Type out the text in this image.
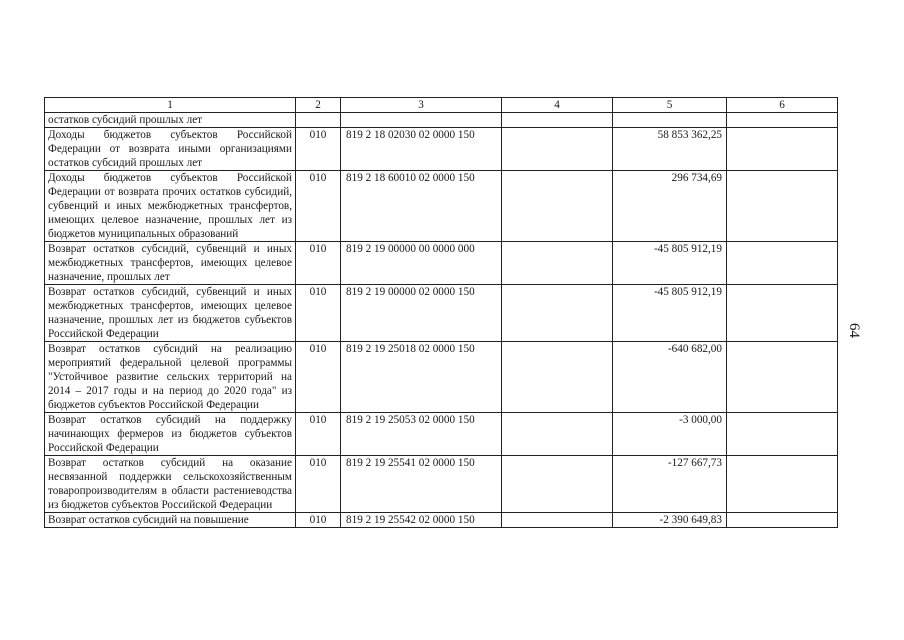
1	2	3	4	5	6
остатков субсидий прошлых лет					
Доходы бюджетов субъектов Российской Федерации от возврата иными организациями остатков субсидий прошлых лет	010	819 2 18 02030 02 0000 150		58 853 362,25	
Доходы бюджетов субъектов Российской Федерации от возврата прочих остатков субсидий, субвенций и иных межбюджетных трансфертов, имеющих целевое назначение, прошлых лет из бюджетов муниципальных образований	010	819 2 18 60010 02 0000 150		296 734,69	
Возврат остатков субсидий, субвенций и иных межбюджетных трансфертов, имеющих целевое назначение, прошлых лет	010	819 2 19 00000 00 0000 000		-45 805 912,19	
Возврат остатков субсидий, субвенций и иных межбюджетных трансфертов, имеющих целевое назначение, прошлых лет из бюджетов субъектов Российской Федерации	010	819 2 19 00000 02 0000 150		-45 805 912,19	
Возврат остатков субсидий на реализацию мероприятий федеральной целевой программы "Устойчивое развитие сельских территорий на 2014 – 2017 годы и на период до 2020 года" из бюджетов субъектов Российской Федерации	010	819 2 19 25018 02 0000 150		-640 682,00	
Возврат остатков субсидий на поддержку начинающих фермеров из бюджетов субъектов Российской Федерации	010	819 2 19 25053 02 0000 150		-3 000,00	
Возврат остатков субсидий на оказание несвязанной поддержки сельскохозяйственным товаропроизводителям в области растениеводства из бюджетов субъектов Российской Федерации	010	819 2 19 25541 02 0000 150		-127 667,73	
Возврат остатков субсидий на повышение	010	819 2 19 25542 02 0000 150		-2 390 649,83	
64
